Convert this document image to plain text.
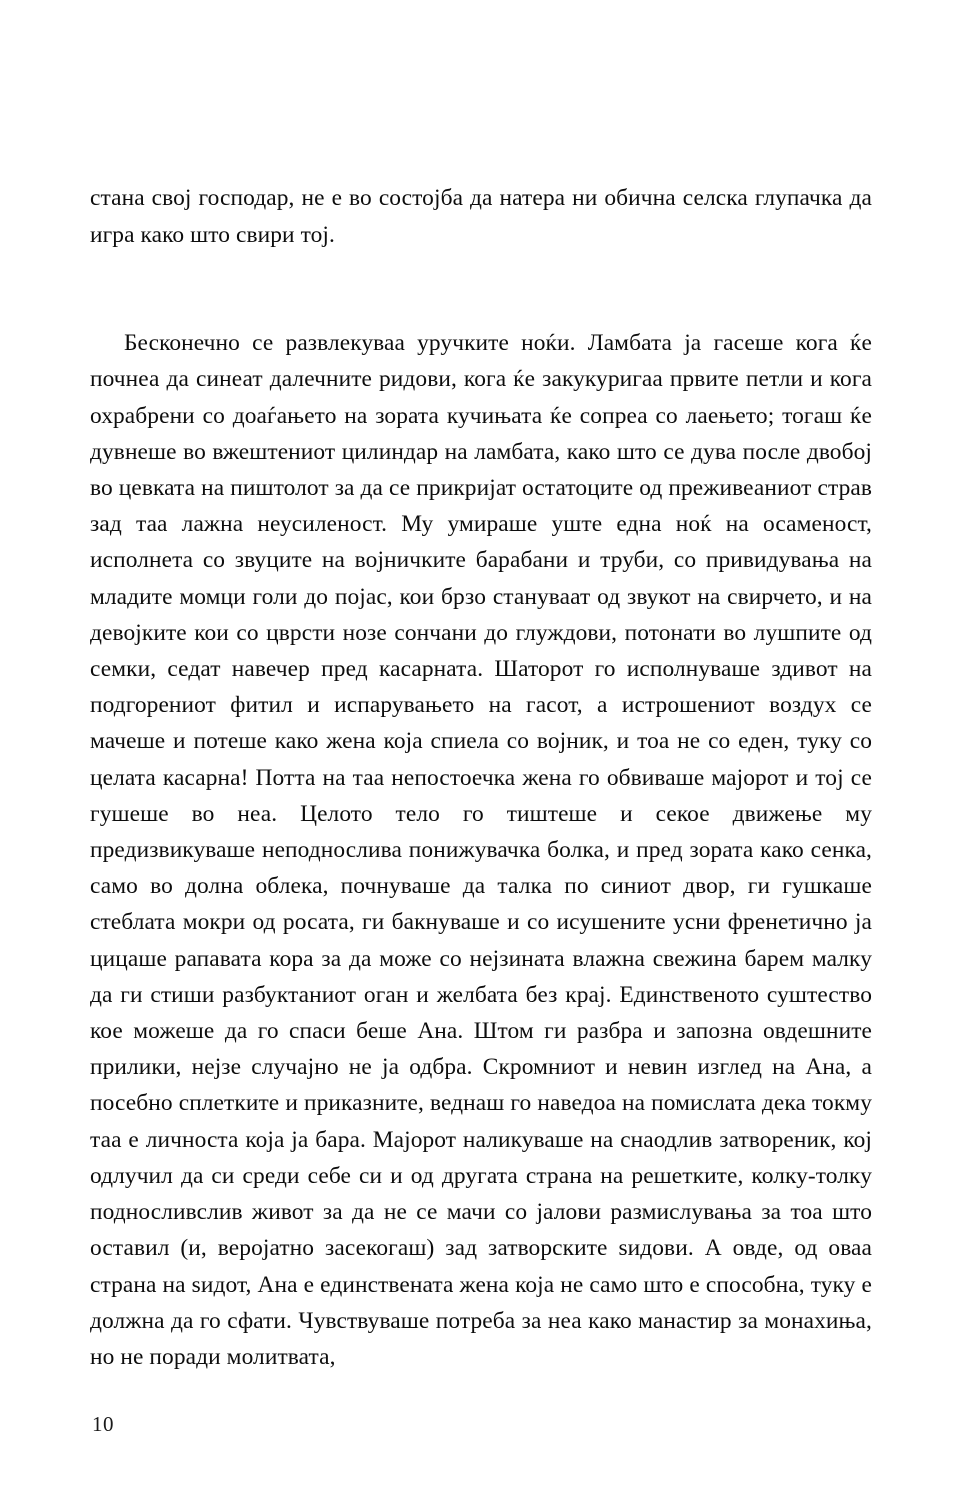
стана свој господар, не е во состојба да натера ни обична селска глупачка да игра како што свири тој.

Бесконечно се развлекуваа уручките ноќи. Ламбата ја гасеше кога ќе почнеа да синеат далечните ридови, кога ќе закукуригаа првите петли и кога охрабрени со доаѓањето на зората кучињата ќе сопреа со лаењето; тогаш ќе дувнеше во вжештениот цилиндар на ламбата, како што се дува после двобој во цевката на пиштолот за да се прикријат остатоците од преживеаниот страв зад таа лажна неусиленост. Му умираше уште една ноќ на осаменост, исполнета со звуците на војничките барабани и труби, со привидувања на младите момци голи до појас, кои брзо стануваат од звукот на свирчето, и на девојките кои со цврсти нозе сончани до глуждови, потонати во лушпите од семки, седат навечер пред касарната. Шаторот го исполнуваше здивот на подгорениот фитил и испарувањето на гасот, а истрошениот воздух се мачеше и потеше како жена која спиела со војник, и тоа не со еден, туку со целата касарна! Потта на таа непостоечка жена го обвиваше мајорот и тој се гушеше во неа. Целото тело го тиштеше и секое движење му предизвикуваше неподнослива понижувачка болка, и пред зората како сенка, само во долна облека, почнуваше да талка по синиот двор, ги гушкаше стеблата мокри од росата, ги бакнуваше и со исушените усни френетично ја цицаше рапавата кора за да може со нејзината влажна свежина барем малку да ги стиши разбуктаниот оган и желбата без крај. Единственото суштество кое можеше да го спаси беше Ана. Штом ги разбра и запозна овдешните прилики, нејзе случајно не ја одбра. Скромниот и невин изглед на Ана, а посебно сплетките и приказните, веднаш го наведоа на помислата дека токму таа е личноста која ја бара. Мајорот наликуваше на снаодлив затвореник, кој одлучил да си среди себе си и од другата страна на решетките, колку-толку подносливслив живот за да не се мачи со јалови размислувања за тоа што оставил (и, веројатно засекогаш) зад затворските sидови. А овде, од оваа страна на sидот, Ана е единствената жена која не само што е способна, туку е должна да го сфати. Чувствуваше потреба за неа како манастир за монахиња, но не поради молитвата,

10
